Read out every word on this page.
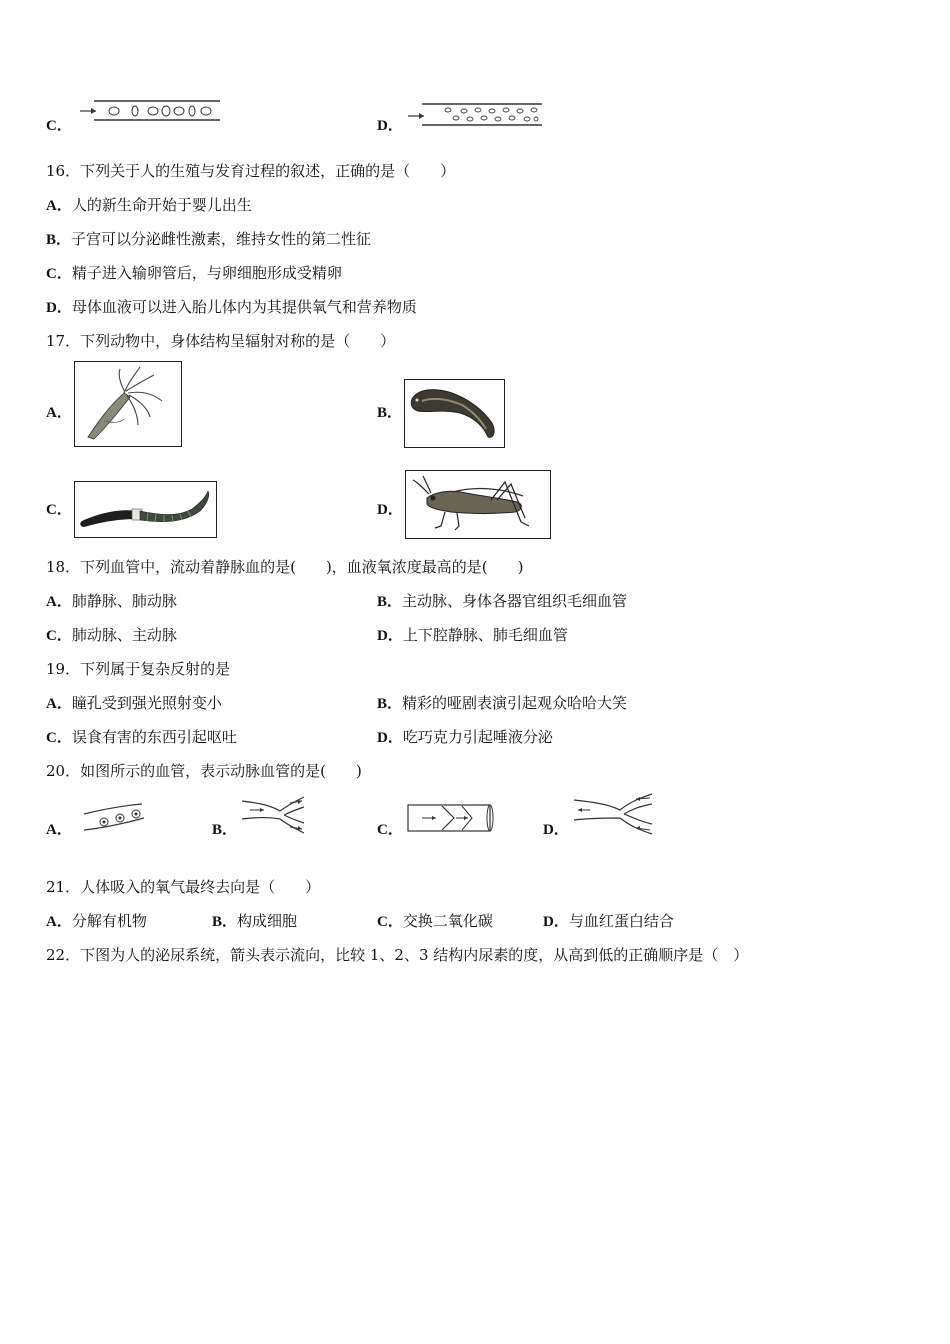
C．	D．
16．下列关于人的生殖与发育过程的叙述，正确的是（　　）
A．人的新生命开始于婴儿出生
B．子宫可以分泌雌性激素，维持女性的第二性征
C．精子进入输卵管后，与卵细胞形成受精卵
D．母体血液可以进入胎儿体内为其提供氧气和营养物质
17．下列动物中，身体结构呈辐射对称的是（　　）
A．	B．
C．	D．
18．下列血管中，流动着静脉血的是(　　)，血液氧浓度最高的是(　　)
A．肺静脉、肺动脉	B．主动脉、身体各器官组织毛细血管
C．肺动脉、主动脉	D．上下腔静脉、肺毛细血管
19．下列属于复杂反射的是
A．瞳孔受到强光照射变小	B．精彩的哑剧表演引起观众哈哈大笑
C．误食有害的东西引起呕吐	D．吃巧克力引起唾液分泌
20．如图所示的血管，表示动脉血管的是(　　)
A．	B．	C．	D．
21．人体吸入的氧气最终去向是（　　）
A．分解有机物	B．构成细胞	C．交换二氧化碳	D．与血红蛋白结合
22．下图为人的泌尿系统，箭头表示流向，比较 1、2、3 结构内尿素的度，从高到低的正确顺序是（　）
